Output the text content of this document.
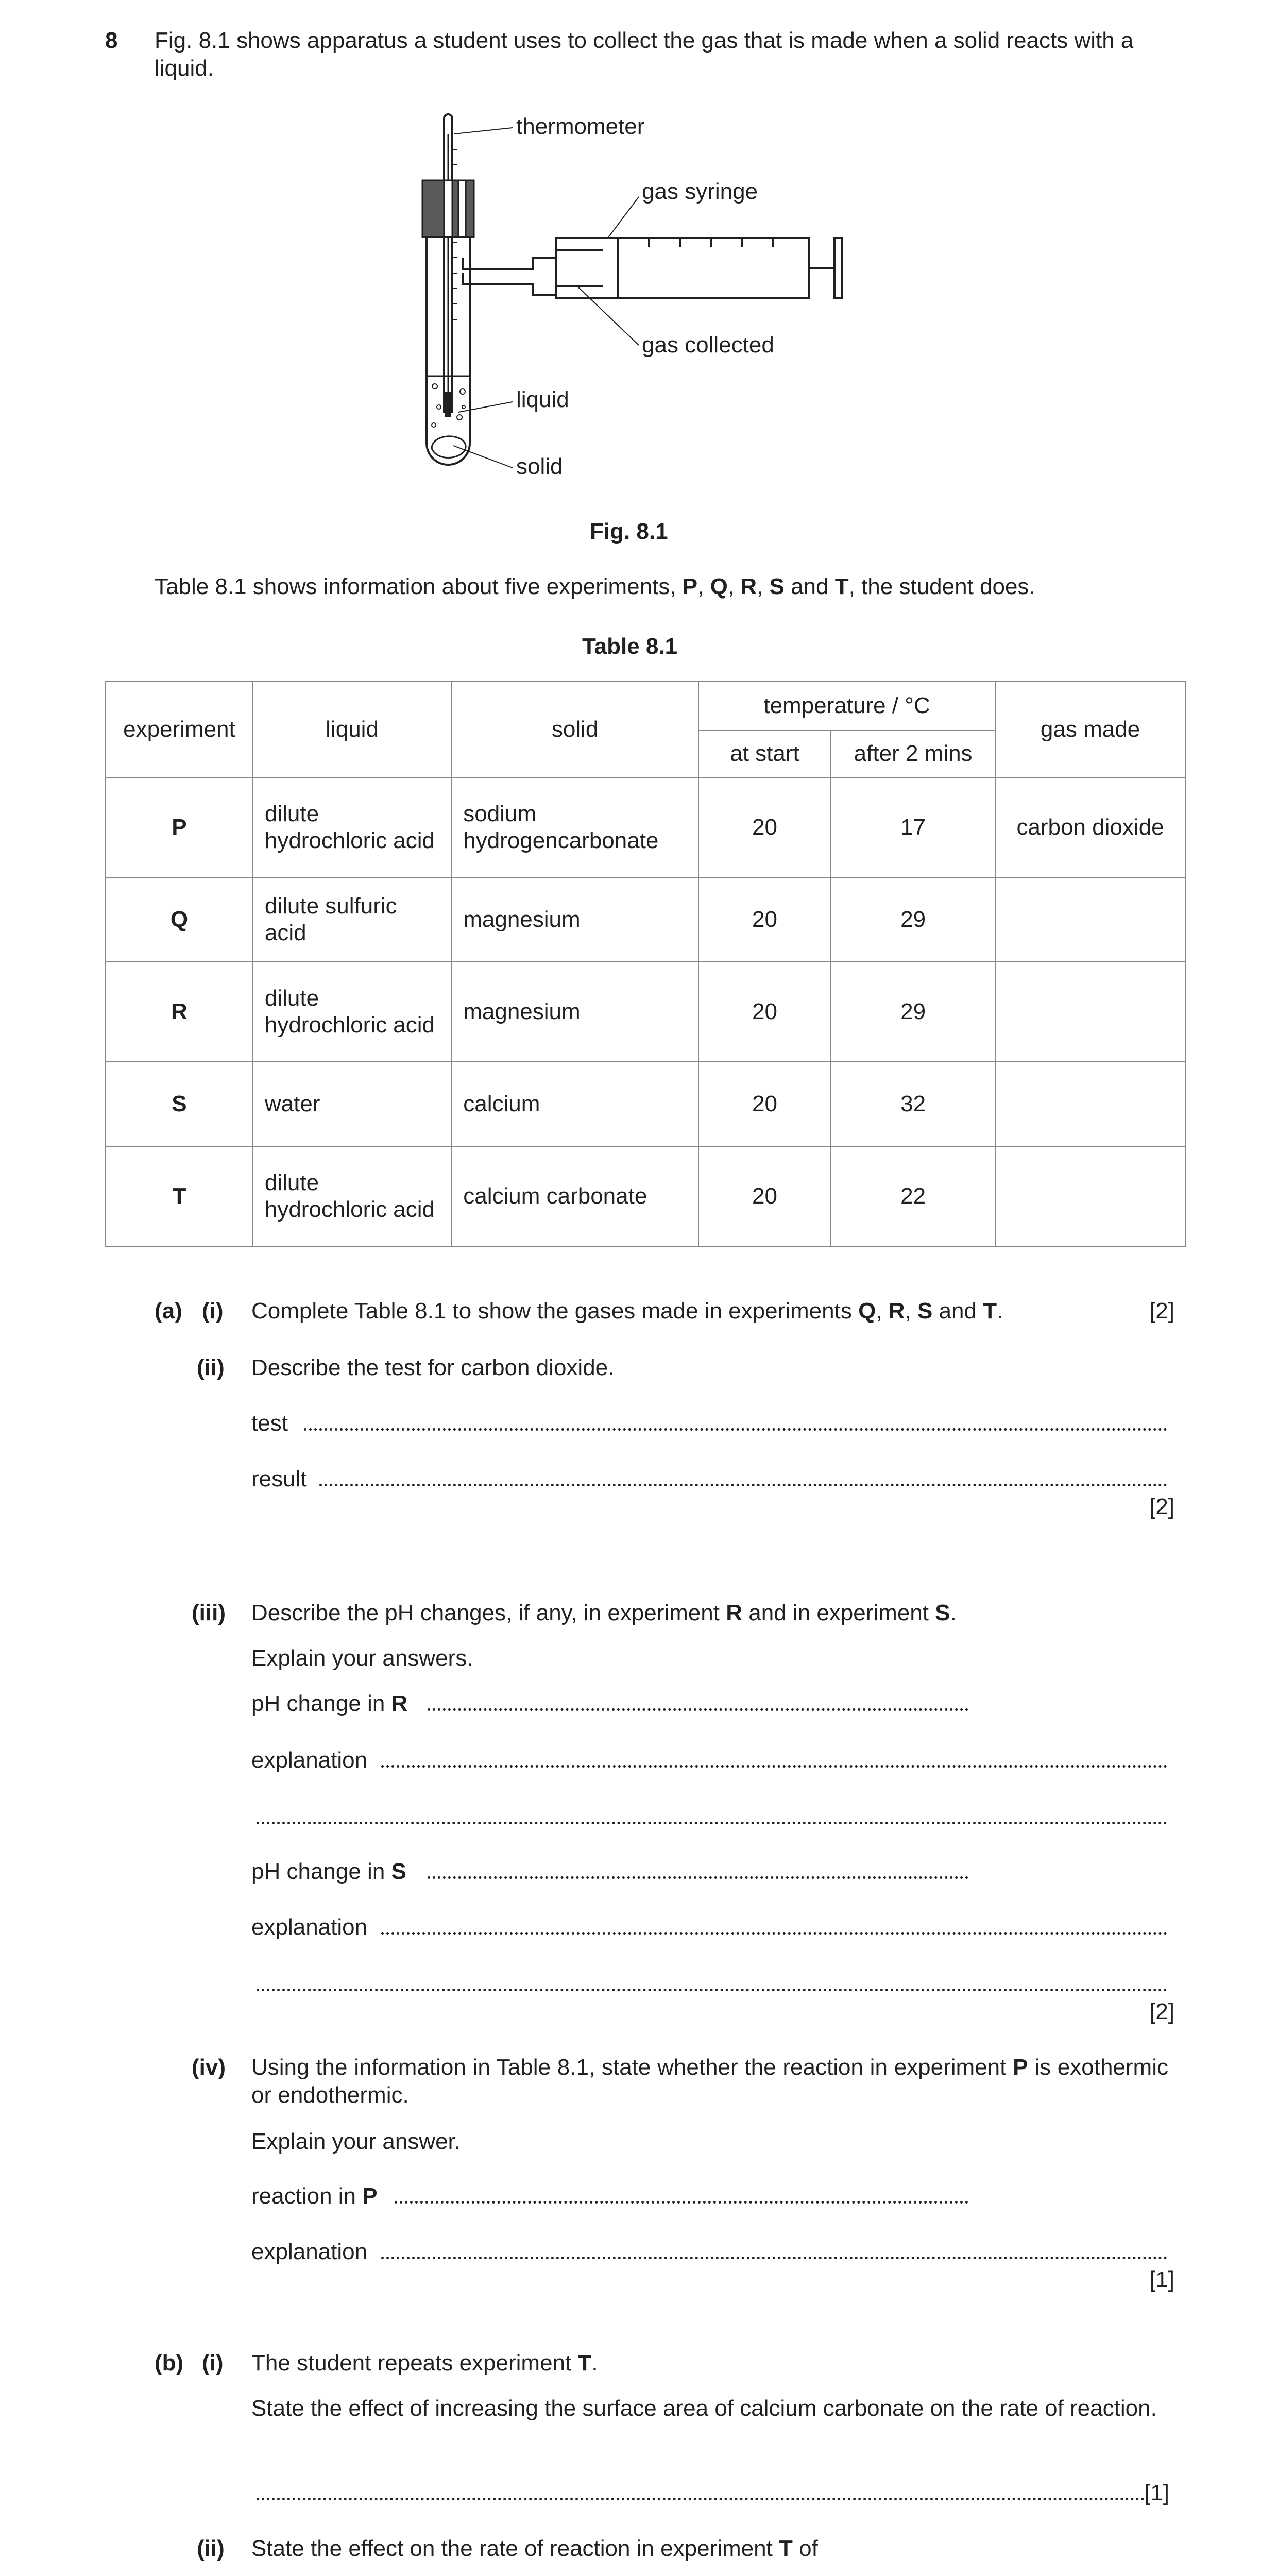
8 Fig. 8.1 shows apparatus a student uses to collect the gas that is made when a solid reacts with a liquid.
thermometer
gas syringe
gas collected
liquid
solid
Fig. 8.1
Table 8.1 shows information about five experiments, P, Q, R, S and T, the student does.
Table 8.1
experiment	liquid	solid	temperature / °C		gas made
			at start	after 2 mins	
P	dilute hydrochloric acid	sodium hydrogencarbonate	20	17	carbon dioxide
Q	dilute sulfuric acid	magnesium	20	29	
R	dilute hydrochloric acid	magnesium	20	29	
S	water	calcium	20	32	
T	dilute hydrochloric acid	calcium carbonate	20	22	
(a) (i) Complete Table 8.1 to show the gases made in experiments Q, R, S and T.	[2]
(ii) Describe the test for carbon dioxide.
test
result
[2]
(iii) Describe the pH changes, if any, in experiment R and in experiment S.
Explain your answers.
pH change in R
explanation
pH change in S
explanation
[2]
(iv) Using the information in Table 8.1, state whether the reaction in experiment P is exothermic or endothermic.
Explain your answer.
reaction in P
explanation
[1]
(b) (i) The student repeats experiment T.
State the effect of increasing the surface area of calcium carbonate on the rate of reaction.
[1]
(ii) State the effect on the rate of reaction in experiment T of
